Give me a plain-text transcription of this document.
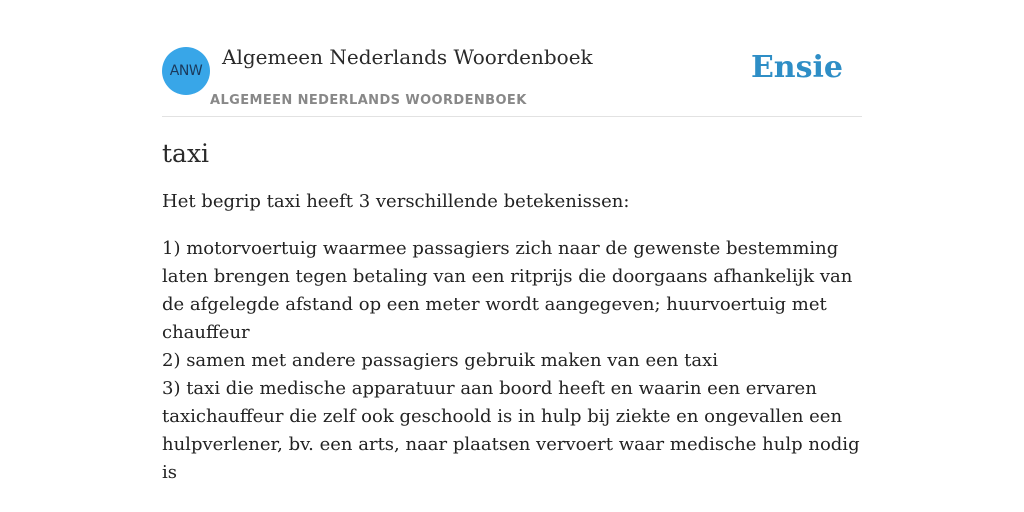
ANW
Algemeen Nederlands Woordenboek
ALGEMEEN NEDERLANDS WOORDENBOEK
Ensie
taxi

Het begrip taxi heeft 3 verschillende betekenissen:

1) motorvoertuig waarmee passagiers zich naar de gewenste bestemming laten brengen tegen betaling van een ritprijs die doorgaans afhankelijk van de afgelegde afstand op een meter wordt aangegeven; huurvoertuig met chauffeur
2) samen met andere passagiers gebruik maken van een taxi
3) taxi die medische apparatuur aan boord heeft en waarin een ervaren taxichauffeur die zelf ook geschoold is in hulp bij ziekte en ongevallen een hulpverlener, bv. een arts, naar plaatsen vervoert waar medische hulp nodig is
